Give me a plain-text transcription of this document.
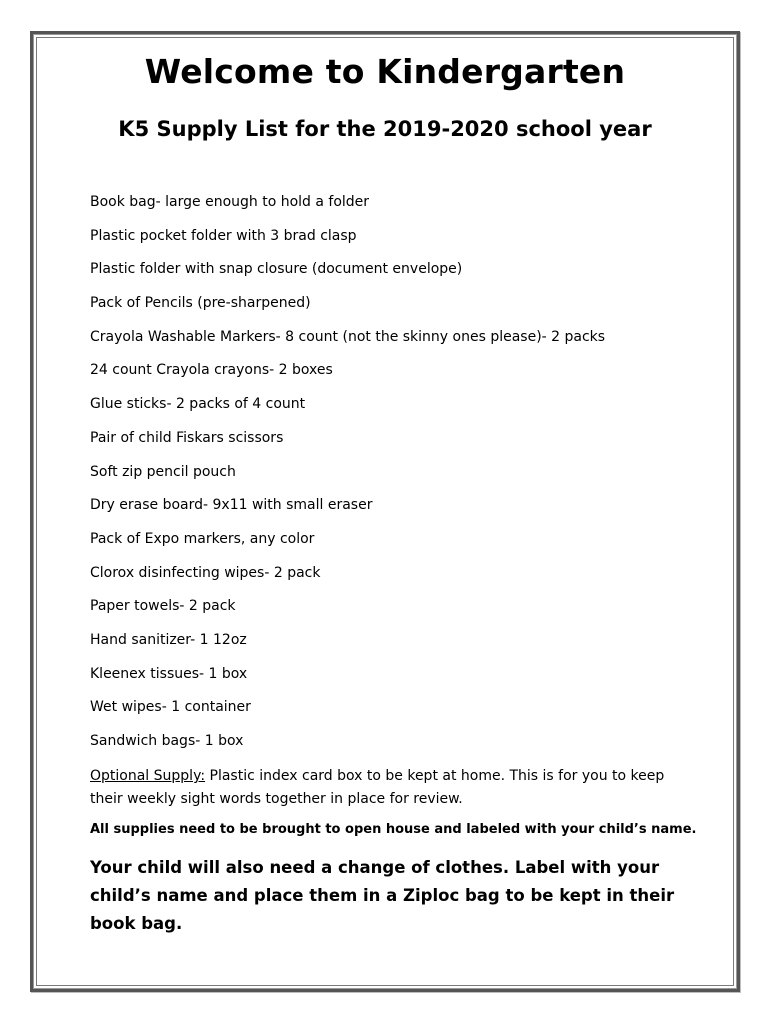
Welcome to Kindergarten
K5 Supply List for the 2019-2020 school year
Book bag- large enough to hold a folder
Plastic pocket folder with 3 brad clasp
Plastic folder with snap closure (document envelope)
Pack of Pencils (pre-sharpened)
Crayola Washable Markers- 8 count (not the skinny ones please)- 2 packs
24 count Crayola crayons- 2 boxes
Glue sticks- 2 packs of 4 count
Pair of child Fiskars scissors
Soft zip pencil pouch
Dry erase board- 9x11 with small eraser
Pack of Expo markers, any color
Clorox disinfecting wipes- 2 pack
Paper towels- 2 pack
Hand sanitizer- 1 12oz
Kleenex tissues- 1 box
Wet wipes- 1 container
Sandwich bags- 1 box
Optional Supply: Plastic index card box to be kept at home. This is for you to keep their weekly sight words together in place for review.
All supplies need to be brought to open house and labeled with your child’s name.
Your child will also need a change of clothes. Label with your child’s name and place them in a Ziploc bag to be kept in their book bag.
